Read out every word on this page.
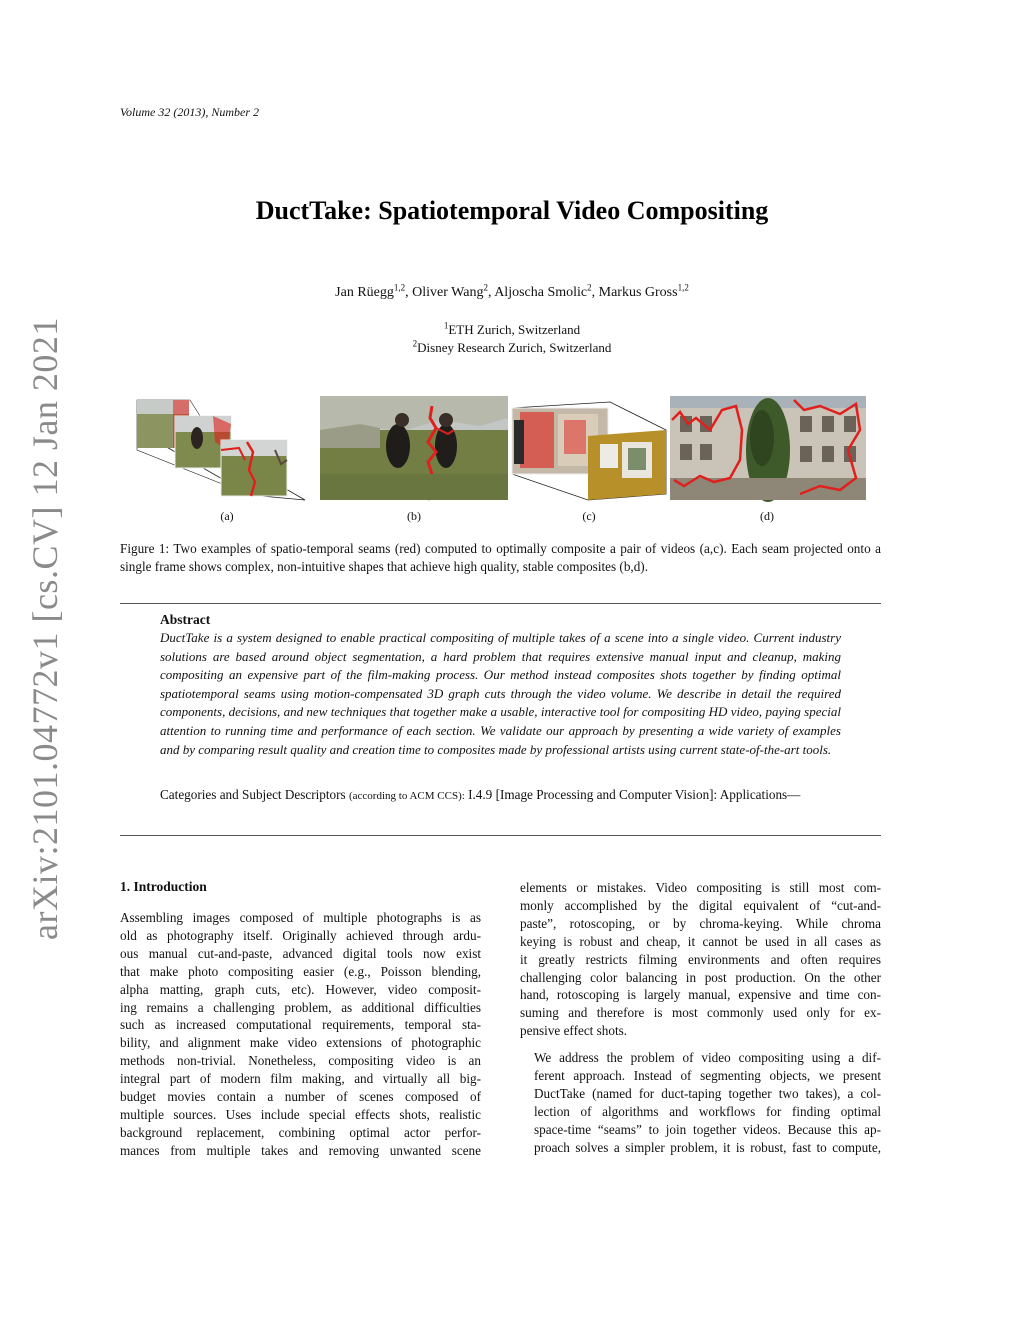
Volume 32 (2013), Number 2
DuctTake: Spatiotemporal Video Compositing
Jan Rüegg$^{1,2}$, Oliver Wang$^2$, Aljoscha Smolic$^2$, Markus Gross$^{1,2}$
$^1$ETH Zurich, Switzerland
$^2$Disney Research Zurich, Switzerland
arXiv:2101.04772v1 [cs.CV] 12 Jan 2021	(a)	(b)	(c)	(d)
Figure 1: Two examples of spatio-temporal seams (red) computed to optimally composite a pair of videos (a,c). Each seam projected onto a single frame shows complex, non-intuitive shapes that achieve high quality, stable composites (b,d).
Abstract
DuctTake is a system designed to enable practical compositing of multiple takes of a scene into a single video. Current industry solutions are based around object segmentation, a hard problem that requires extensive manual input and cleanup, making compositing an expensive part of the film-making process. Our method instead composites shots together by finding optimal spatiotemporal seams using motion-compensated 3D graph cuts through the video volume. We describe in detail the required components, decisions, and new techniques that together make a usable, interactive tool for compositing HD video, paying special attention to running time and performance of each section. We validate our approach by presenting a wide variety of examples and by comparing result quality and creation time to composites made by professional artists using current state-of-the-art tools.
Categories and Subject Descriptors (according to ACM CCS): I.4.9 [Image Processing and Computer Vision]: Applications—
1. Introduction

Assembling images composed of multiple photographs is as
old as photography itself. Originally achieved through ardu-
ous manual cut-and-paste, advanced digital tools now exist
that make photo compositing easier (e.g., Poisson blending,
alpha matting, graph cuts, etc). However, video composit-
ing remains a challenging problem, as additional difficulties
such as increased computational requirements, temporal sta-
bility, and alignment make video extensions of photographic
methods non-trivial. Nonetheless, compositing video is an
integral part of modern film making, and virtually all big-
budget movies contain a number of scenes composed of
multiple sources. Uses include special effects shots, realistic
background replacement, combining optimal actor perfor-
mances from multiple takes and removing unwanted scene

elements or mistakes. Video compositing is still most com-
monly accomplished by the digital equivalent of “cut-and-
paste”, rotoscoping, or by chroma-keying. While chroma
keying is robust and cheap, it cannot be used in all cases as
it greatly restricts filming environments and often requires
challenging color balancing in post production. On the other
hand, rotoscoping is largely manual, expensive and time con-
suming and therefore is most commonly used only for ex-
pensive effect shots.

We address the problem of video compositing using a dif-
ferent approach. Instead of segmenting objects, we present
DuctTake (named for duct-taping together two takes), a col-
lection of algorithms and workflows for finding optimal
space-time “seams” to join together videos. Because this ap-
proach solves a simpler problem, it is robust, fast to compute,
